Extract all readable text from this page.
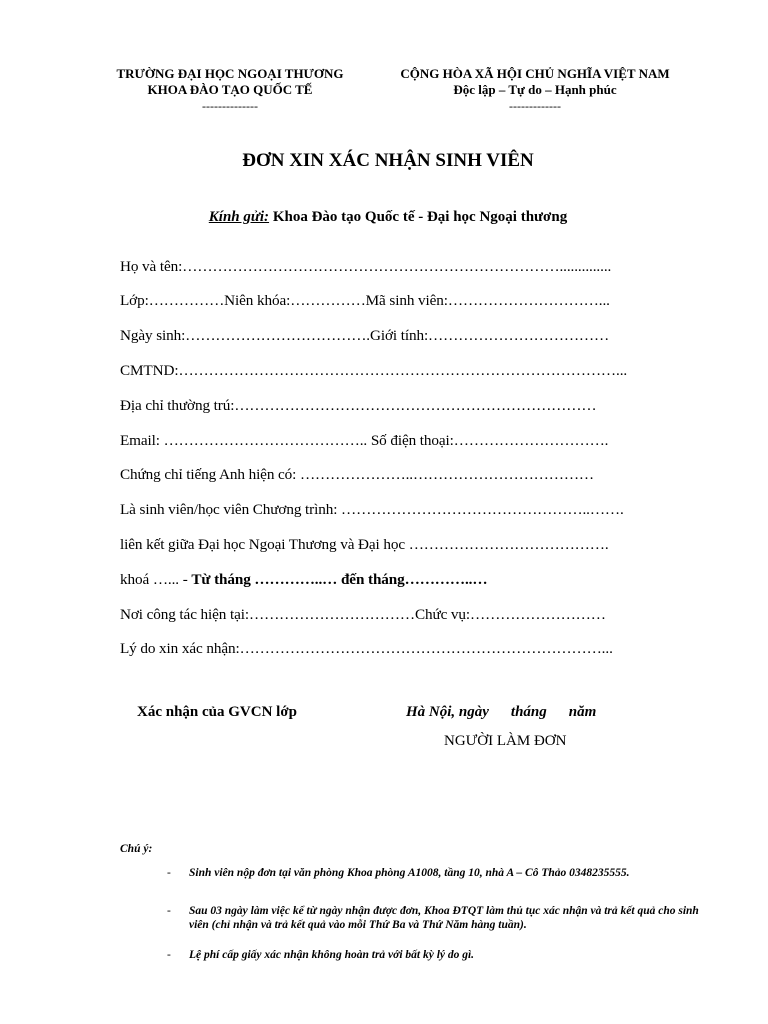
TRƯỜNG ĐẠI HỌC NGOẠI THƯƠNG
KHOA ĐÀO TẠO QUỐC TẾ
--------------
CỘNG HÒA XÃ HỘI CHỦ NGHĨA VIỆT NAM
Độc lập – Tự do – Hạnh phúc
-------------
ĐƠN XIN XÁC NHẬN SINH VIÊN
Kính gửi: Khoa Đào tạo Quốc tế - Đại học Ngoại thương
Họ và tên:…………………………………………………………………..............
Lớp:……………Niên khóa:……………Mã sinh viên:…………………………...
Ngày sinh:……………………………….Giới tính:………………………………
CMTND:……………………………………………………………………………...
Địa chỉ thường trú:………………………………………………………………
Email: ………………………………….. Số điện thoại:………………………….
Chứng chỉ tiếng Anh hiện có: …………………..………………………………
Là sinh viên/học viên Chương trình: …………………………………………..…….
liên kết giữa Đại học Ngoại Thương và Đại học ………………………………….
khoá …... - Từ tháng …………..… đến tháng…………..…
Nơi công tác hiện tại:……………………………Chức vụ:………………………
Lý do xin xác nhận:………………………………………………………………...
Xác nhận của GVCN lớp	Hà Nội, ngày tháng năm
NGƯỜI LÀM ĐƠN
Chú ý:
- Sinh viên nộp đơn tại văn phòng Khoa phòng A1008, tầng 10, nhà A – Cô Thảo 0348235555.
- Sau 03 ngày làm việc kể từ ngày nhận được đơn, Khoa ĐTQT làm thủ tục xác nhận và trả kết quả cho sinh viên (chỉ nhận và trả kết quả vào mỗi Thứ Ba và Thứ Năm hàng tuần).
- Lệ phí cấp giấy xác nhận không hoàn trả với bất kỳ lý do gì.
